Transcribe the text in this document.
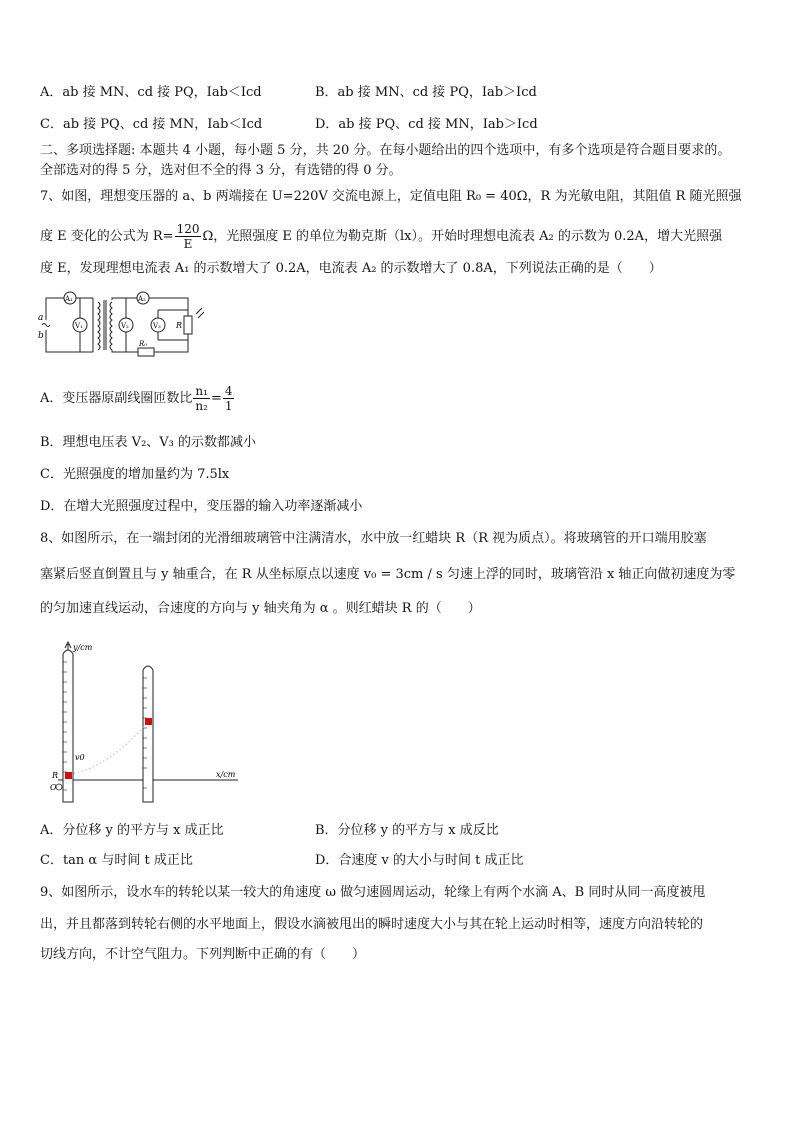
A．ab 接 MN、cd 接 PQ，Iab＜Icd	B．ab 接 MN、cd 接 PQ，Iab＞Icd
C．ab 接 PQ、cd 接 MN，Iab＜Icd	D．ab 接 PQ、cd 接 MN，Iab＞Icd
二、多项选择题: 本题共 4 小题，每小题 5 分，共 20 分。在每小题给出的四个选项中，有多个选项是符合题目要求的。
全部选对的得 5 分，选对但不全的得 3 分，有选错的得 0 分。
7、如图，理想变压器的 a、b 两端接在 U=220V 交流电源上，定值电阻 R₀ = 40Ω，R 为光敏电阻，其阻值 R 随光照强
度 E 变化的公式为 $R= \frac{120}{E}$ Ω，光照强度 E 的单位为勒克斯（lx）。开始时理想电流表 A₂ 的示数为 0.2A，增大光照强
度 E，发现理想电流表 A₁ 的示数增大了 0.2A，电流表 A₂ 的示数增大了 0.8A，下列说法正确的是（　　）
a
b
A₁	A₂
V₁	V₂	V₃ R
R₀
A．变压器原副线圈匝数比 $\frac{\text{n₁}}{\text{n₂}} = \frac{4}{1}$
B．理想电压表 V₂、V₃ 的示数都减小
C．光照强度的增加量约为 7.5lx
D．在增大光照强度过程中，变压器的输入功率逐渐减小
8、如图所示，在一端封闭的光滑细玻璃管中注满清水，水中放一红蜡块 R（R 视为质点）。将玻璃管的开口端用胶塞
塞紧后竖直倒置且与 y 轴重合，在 R 从坐标原点以速度 v₀ = 3cm / s 匀速上浮的同时，玻璃管沿 x 轴正向做初速度为零
的匀加速直线运动，合速度的方向与 y 轴夹角为 α 。则红蜡块 R 的（　　）
y/cm
x/cm
v0
R
O
A．分位移 y 的平方与 x 成正比	B．分位移 y 的平方与 x 成反比
C．tan α 与时间 t 成正比	D．合速度 v 的大小与时间 t 成正比
9、如图所示，设水车的转轮以某一较大的角速度 ω 做匀速圆周运动，轮缘上有两个水滴 A、B 同时从同一高度被甩
出，并且都落到转轮右侧的水平地面上，假设水滴被甩出的瞬时速度大小与其在轮上运动时相等，速度方向沿转轮的
切线方向，不计空气阻力。下列判断中正确的有（　　）
